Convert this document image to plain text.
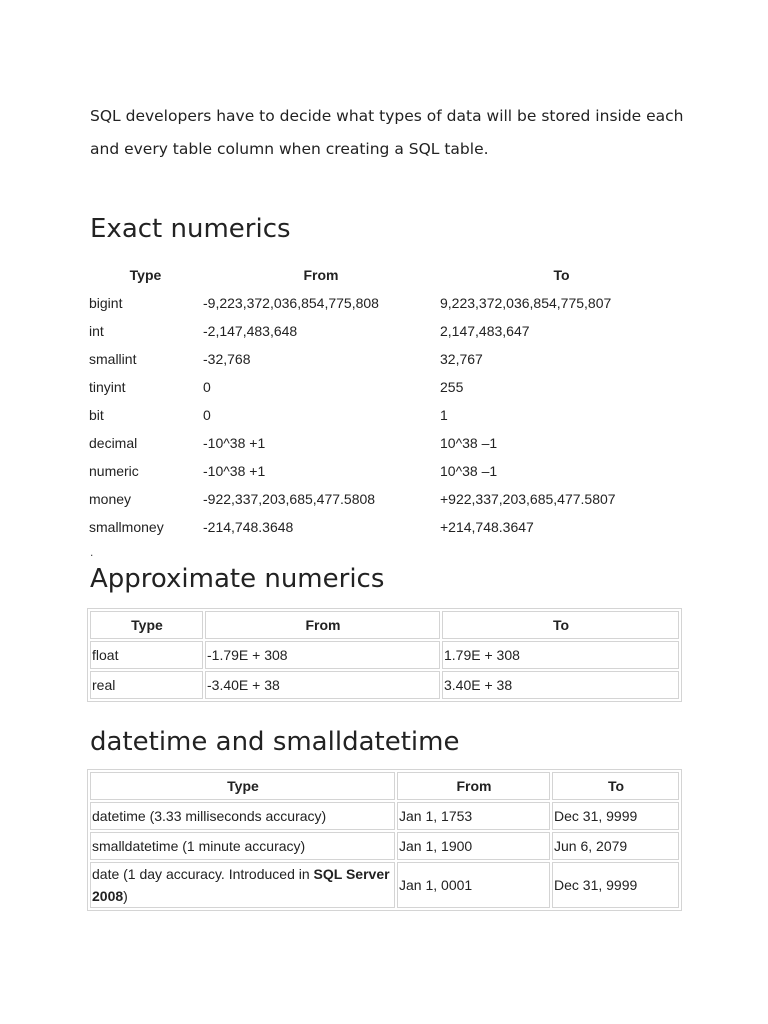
SQL developers have to decide what types of data will be stored inside each and every table column when creating a SQL table.

Exact numerics
Type	From	To
bigint	-9,223,372,036,854,775,808	9,223,372,036,854,775,807
int	-2,147,483,648	2,147,483,647
smallint	-32,768	32,767
tinyint	0	255
bit	0	1
decimal	-10^38 +1	10^38 –1
numeric	-10^38 +1	10^38 –1
money	-922,337,203,685,477.5808	+922,337,203,685,477.5807
smallmoney	-214,748.3648	+214,748.3647
.
Approximate numerics
Type	From	To
float	-1.79E + 308	1.79E + 308
real	-3.40E + 38	3.40E + 38
datetime and smalldatetime
Type	From	To
datetime (3.33 milliseconds accuracy)	Jan 1, 1753	Dec 31, 9999
smalldatetime (1 minute accuracy)	Jan 1, 1900	Jun 6, 2079
date (1 day accuracy. Introduced in SQL Server 2008)	Jan 1, 0001	Dec 31, 9999
